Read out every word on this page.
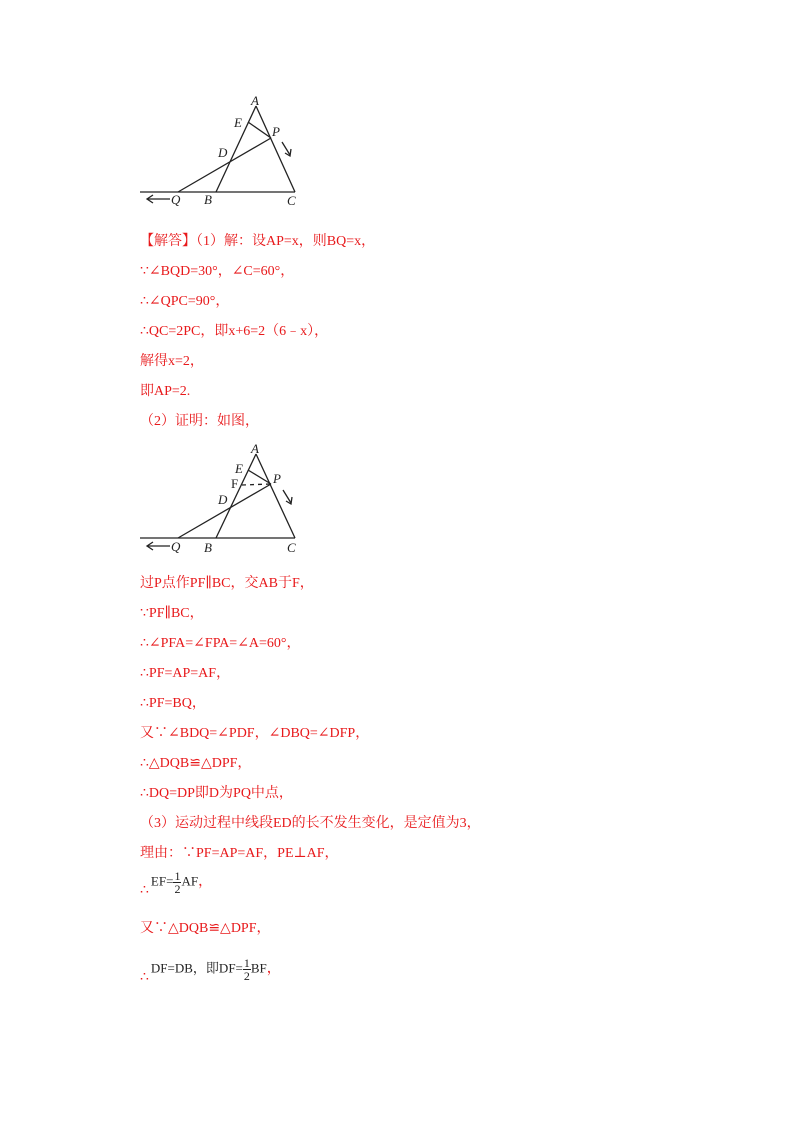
A
E
P
D
Q B	C
【解答】（1）解：设AP=x，则BQ=x，
∵∠BQD=30°，∠C=60°，
∴∠QPC=90°，
∴QC=2PC，即x+6=2（6﹣x），
解得x=2，
即AP=2.
（2）证明：如图，
A
E
F	P
D
Q B	C
过P点作PF∥BC，交AB于F，
∵PF∥BC，
∴∠PFA=∠FPA=∠A=60°，
∴PF=AP=AF，
∴PF=BQ，
又∵∠BDQ=∠PDF，∠DBQ=∠DFP，
∴△DQB≌△DPF，
∴DQ=DP即D为PQ中点，
（3）运动过程中线段ED的长不发生变化，是定值为3，
理由：∵PF=AP=AF，PE⊥AF，
∴EF= $\frac{1}{2}$ AF，
又∵△DQB≌△DPF，
∴DF=DB，即$DF= \frac{1}{2}$ BF，
